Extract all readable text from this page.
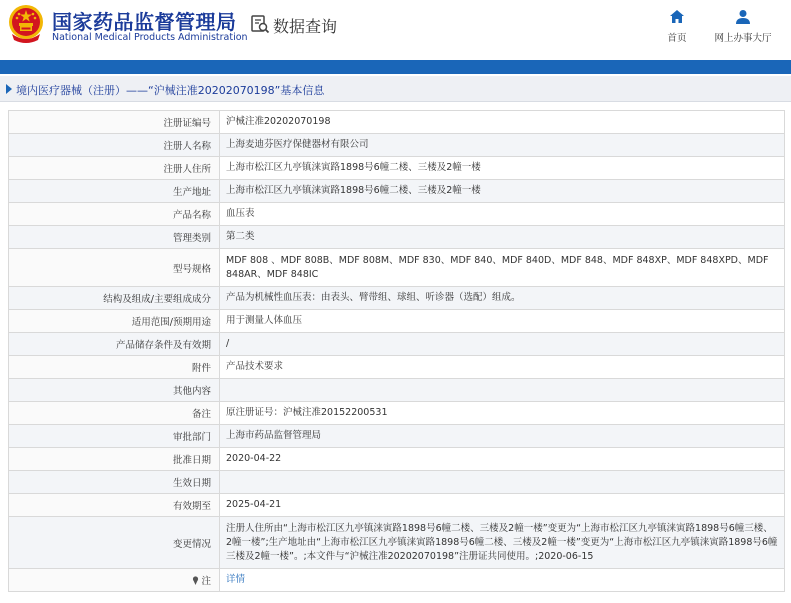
国家药品监督管理局
National Medical Products Administration
数据查询
首页	网上办事大厅
境内医疗器械（注册）——“沪械注准20202070198”基本信息
注册证编号	沪械注准20202070198
注册人名称	上海麦迪芬医疗保健器材有限公司
注册人住所	上海市松江区九亭镇涞寅路1898号6幢二楼、三楼及2幢一楼
生产地址	上海市松江区九亭镇涞寅路1898号6幢二楼、三楼及2幢一楼
产品名称	血压表
管理类别	第二类
型号规格	MDF 808 、MDF 808B、MDF 808M、MDF 830、MDF 840、MDF 840D、MDF 848、MDF 848XP、MDF 848XPD、MDF 848AR、MDF 848IC
结构及组成/主要组成成分	产品为机械性血压表：由表头、臂带组、球组、听诊器（选配）组成。
适用范围/预期用途	用于测量人体血压
产品储存条件及有效期	/
附件	产品技术要求
其他内容	
备注	原注册证号：沪械注准20152200531
审批部门	上海市药品监督管理局
批准日期	2020-04-22
生效日期	
有效期至	2025-04-21
变更情况	注册人住所由“上海市松江区九亭镇涞寅路1898号6幢二楼、三楼及2幢一楼”变更为“上海市松江区九亭镇涞寅路1898号6幢三楼、2幢一楼”;生产地址由“上海市松江区九亭镇涞寅路1898号6幢二楼、三楼及2幢一楼”变更为“上海市松江区九亭镇涞寅路1898号6幢三楼及2幢一楼”。;本文件与“沪械注准20202070198”注册证共同使用。;2020-06-15
注	详情
